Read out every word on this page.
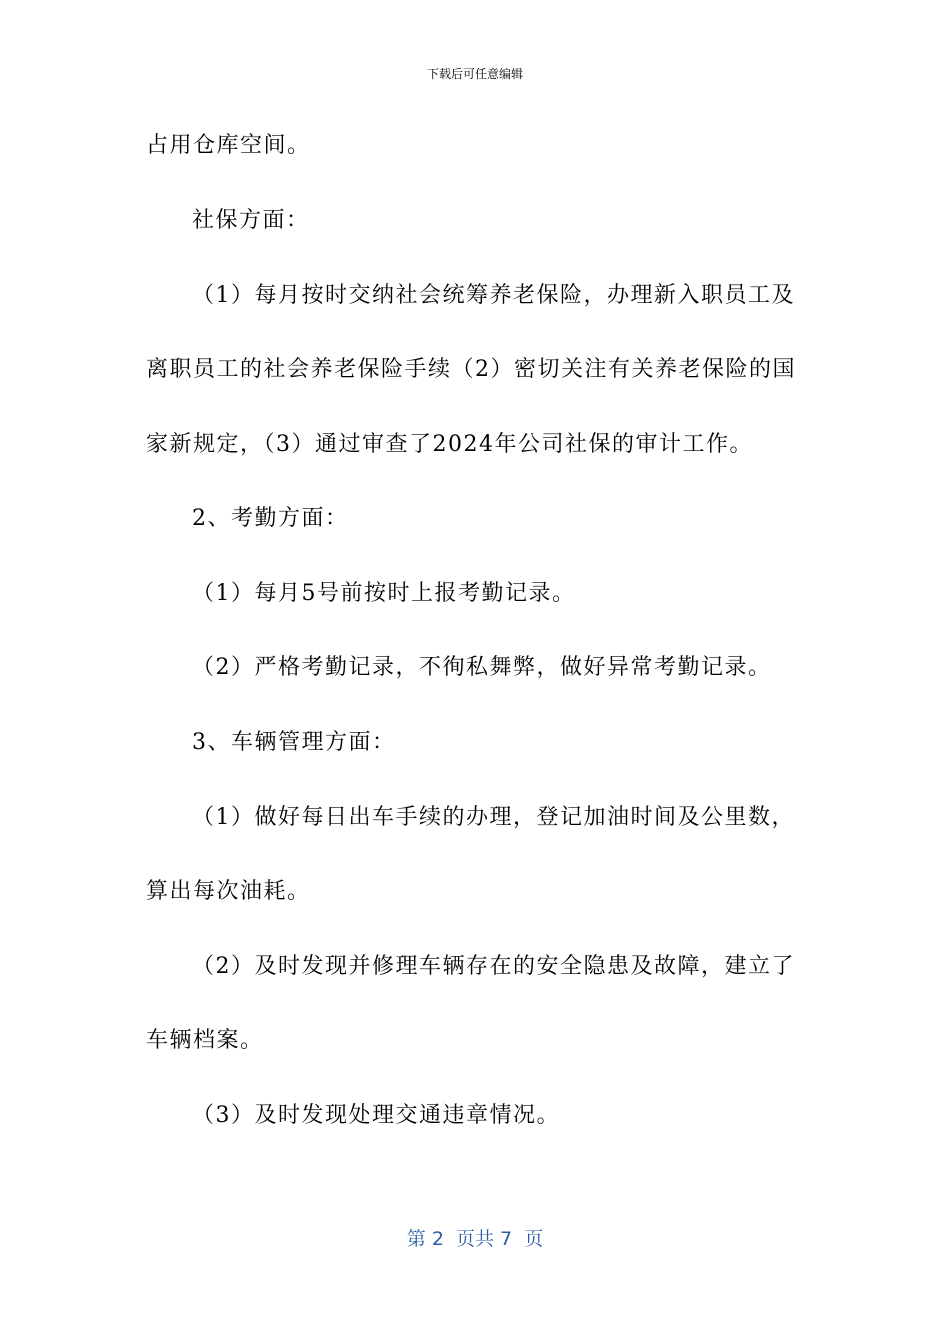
下载后可任意编辑
占用仓库空间。
社保方面：
（1）每月按时交纳社会统筹养老保险，办理新入职员工及
离职员工的社会养老保险手续（2）密切关注有关养老保险的国
家新规定，（3）通过审查了2024年公司社保的审计工作。
2、考勤方面：
（1）每月5号前按时上报考勤记录。
（2）严格考勤记录，不徇私舞弊，做好异常考勤记录。
3、车辆管理方面：
（1）做好每日出车手续的办理，登记加油时间及公里数，
算出每次油耗。
（2）及时发现并修理车辆存在的安全隐患及故障，建立了
车辆档案。
（3）及时发现处理交通违章情况。
第 2  页共 7  页
